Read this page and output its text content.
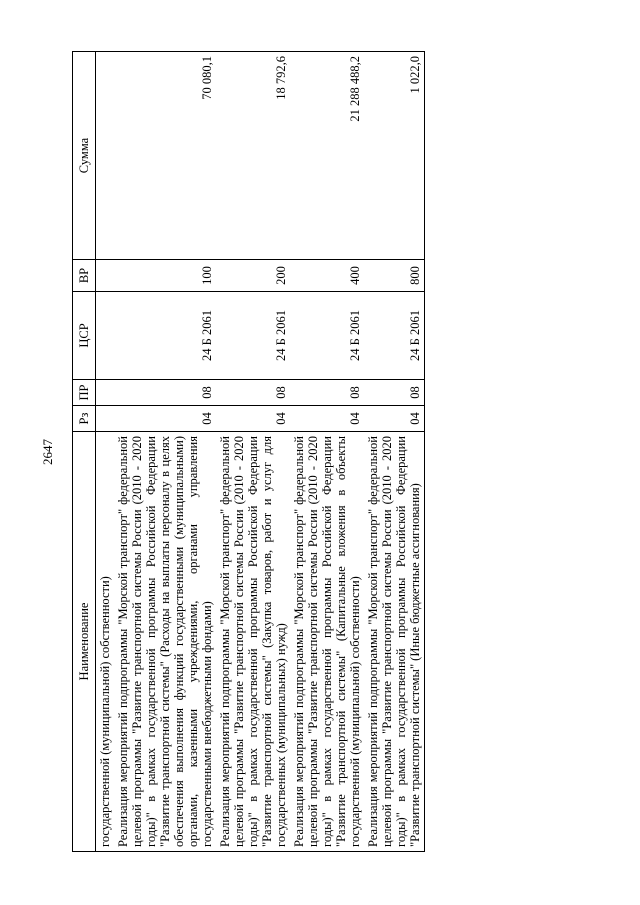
2647
Наименование	Рз	ПР	ЦСР	ВР	Сумма
государственной (муниципальной) собственности)					
Реализация мероприятий подпрограммы "Морской транспорт" федеральной целевой программы "Развитие транспортной системы России (2010 - 2020 годы)" в рамках государственной программы Российской Федерации "Развитие транспортной системы" (Расходы на выплаты персоналу в целях обеспечения выполнения функций государственными (муниципальными) органами, казенными учреждениями, органами управления государственными внебюджетными фондами)	04	08	24 Б 2061	100	70 080,1
Реализация мероприятий подпрограммы "Морской транспорт" федеральной целевой программы "Развитие транспортной системы России (2010 - 2020 годы)" в рамках государственной программы Российской Федерации "Развитие транспортной системы" (Закупка товаров, работ и услуг для государственных (муниципальных) нужд)	04	08	24 Б 2061	200	18 792,6
Реализация мероприятий подпрограммы "Морской транспорт" федеральной целевой программы "Развитие транспортной системы России (2010 - 2020 годы)" в рамках государственной программы Российской Федерации "Развитие транспортной системы" (Капитальные вложения в объекты государственной (муниципальной) собственности)	04	08	24 Б 2061	400	21 288 488,2
Реализация мероприятий подпрограммы "Морской транспорт" федеральной целевой программы "Развитие транспортной системы России (2010 - 2020 годы)" в рамках государственной программы Российской Федерации "Развитие транспортной системы" (Иные бюджетные ассигнования)	04	08	24 Б 2061	800	1 022,0
